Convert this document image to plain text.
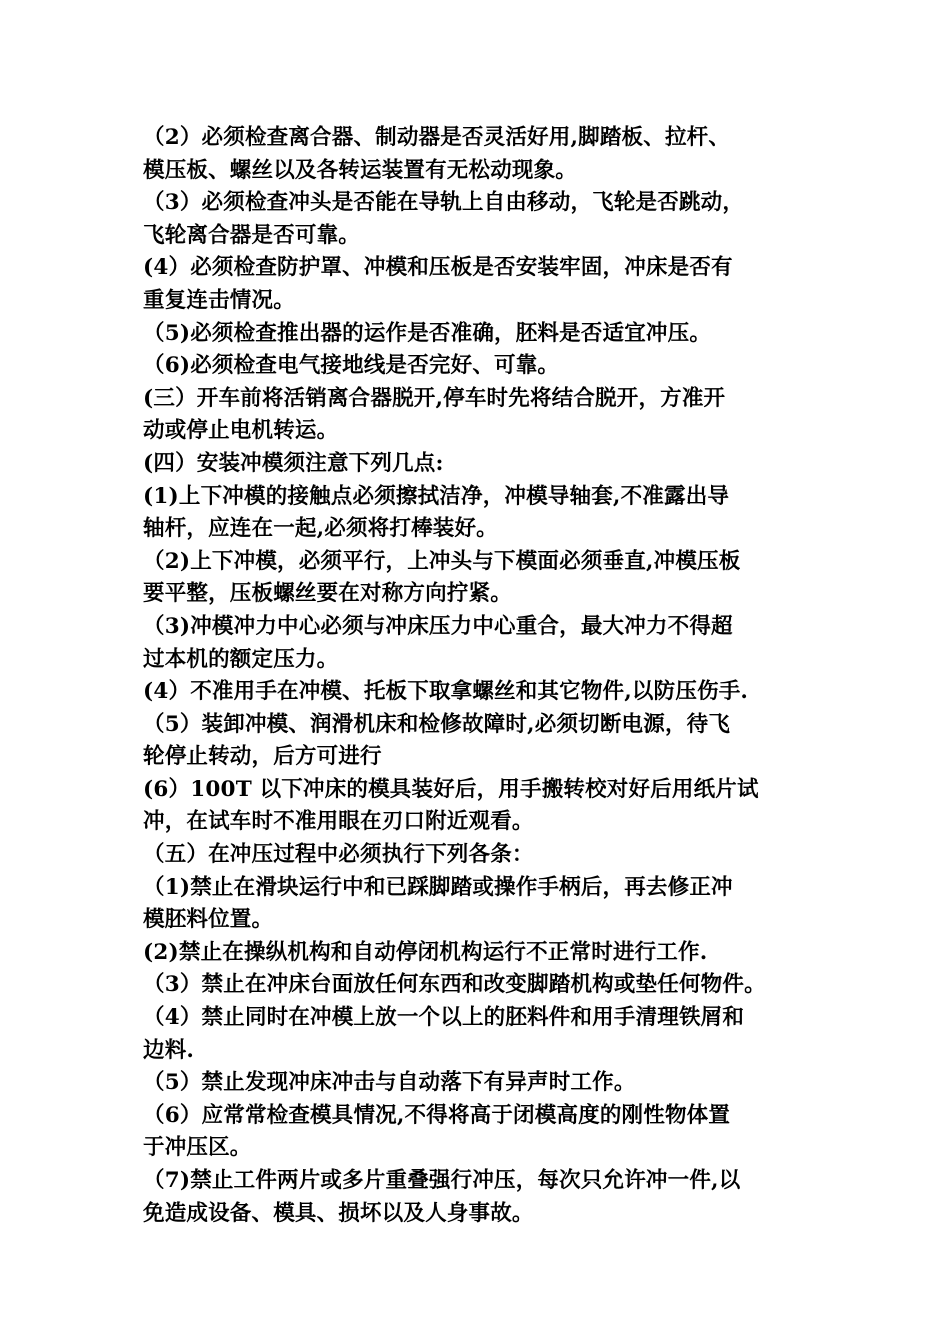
（2）必须检查离合器、制动器是否灵活好用,脚踏板、拉杆、
模压板、螺丝以及各转运装置有无松动现象。
（3）必须检查冲头是否能在导轨上自由移动，飞轮是否跳动，
飞轮离合器是否可靠。
(4）必须检查防护罩、冲模和压板是否安装牢固，冲床是否有
重复连击情况。
（5)必须检查推出器的运作是否准确，胚料是否适宜冲压。
（6)必须检查电气接地线是否完好、可靠。
(三）开车前将活销离合器脱开,停车时先将结合脱开，方准开
动或停止电机转运。
(四）安装冲模须注意下列几点:
(1)上下冲模的接触点必须擦拭洁净，冲模导轴套,不准露出导
轴杆，应连在一起,必须将打棒装好。
（2)上下冲模，必须平行，上冲头与下模面必须垂直,冲模压板
要平整，压板螺丝要在对称方向拧紧。
（3)冲模冲力中心必须与冲床压力中心重合，最大冲力不得超
过本机的额定压力。
(4）不准用手在冲模、托板下取拿螺丝和其它物件,以防压伤手.
（5）装卸冲模、润滑机床和检修故障时,必须切断电源，待飞
轮停止转动，后方可进行
(6）100T 以下冲床的模具装好后，用手搬转校对好后用纸片试
冲，在试车时不准用眼在刃口附近观看。
（五）在冲压过程中必须执行下列各条：
（1)禁止在滑块运行中和已踩脚踏或操作手柄后，再去修正冲
模胚料位置。
(2)禁止在操纵机构和自动停闭机构运行不正常时进行工作.
（3）禁止在冲床台面放任何东西和改变脚踏机构或垫任何物件。
（4）禁止同时在冲模上放一个以上的胚料件和用手清理铁屑和
边料.
（5）禁止发现冲床冲击与自动落下有异声时工作。
（6）应常常检查模具情况,不得将高于闭模高度的刚性物体置
于冲压区。
（7)禁止工件两片或多片重叠强行冲压，每次只允许冲一件,以
免造成设备、模具、损坏以及人身事故。
